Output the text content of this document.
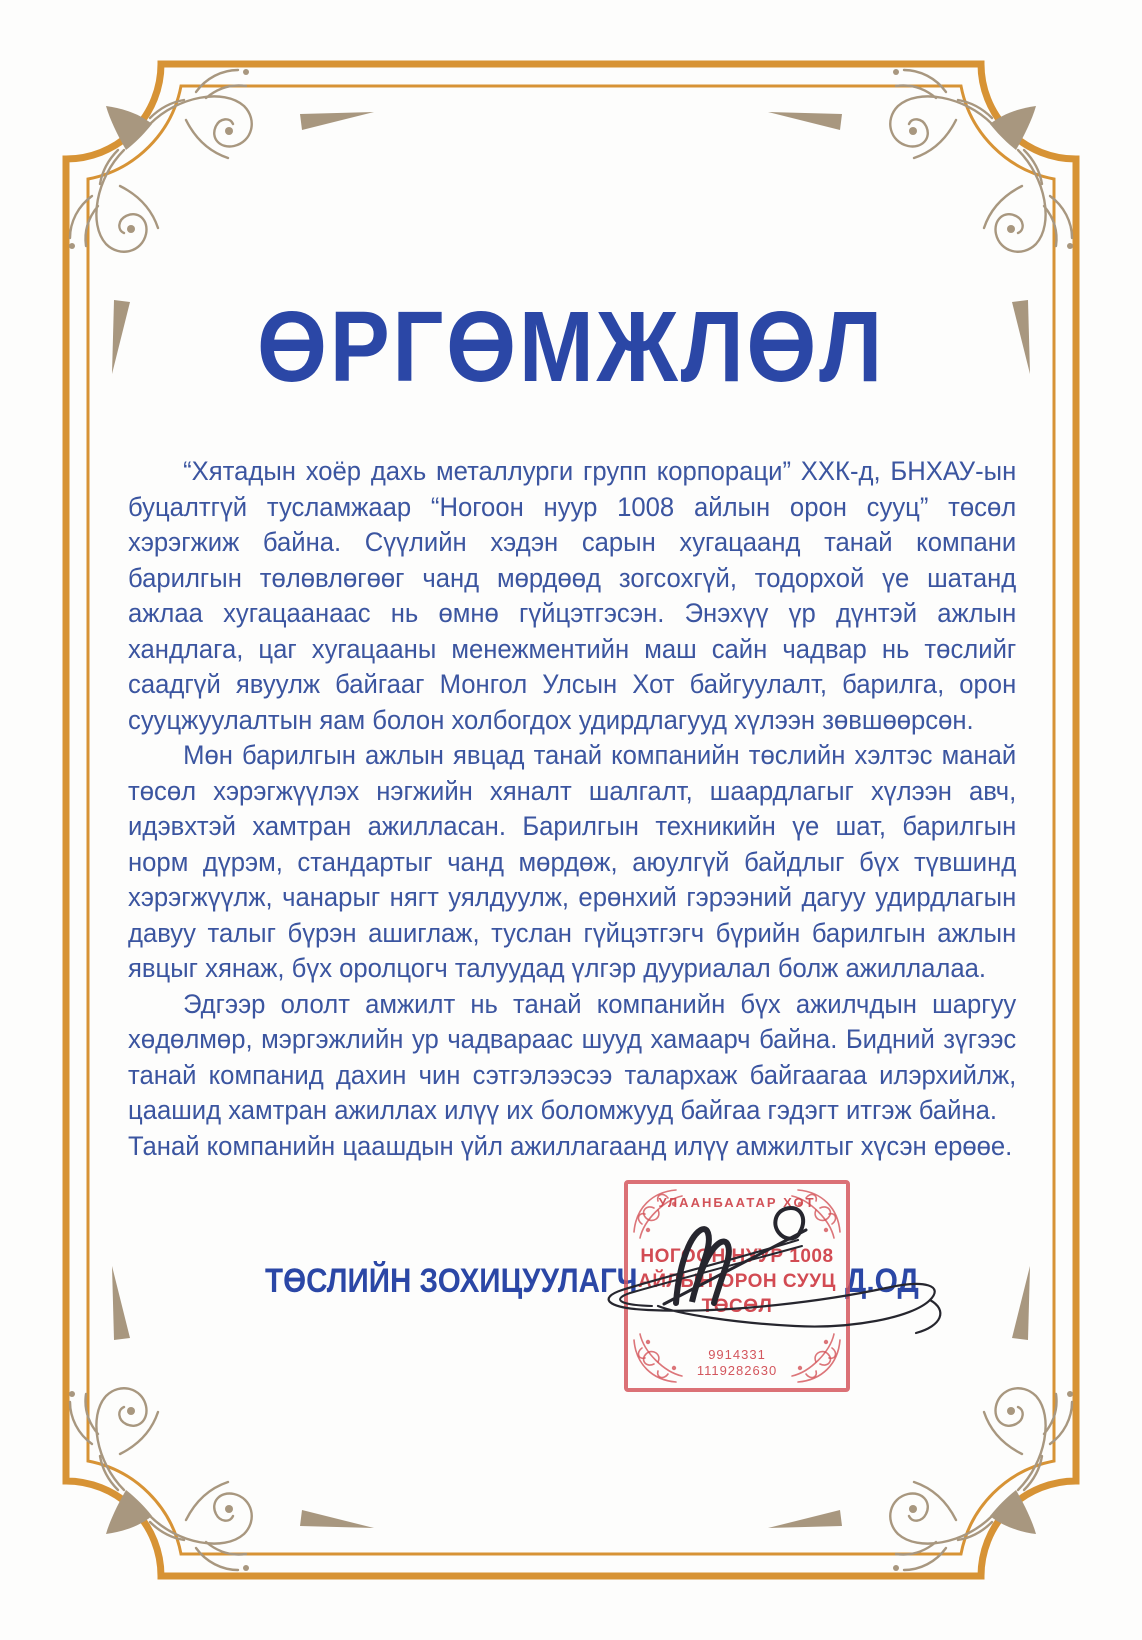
ӨРГӨМЖЛӨЛ

“Хятадын хоёр дахь металлурги групп корпораци” ХХК-д, БНХАУ-ын буцалтгүй тусламжаар “Ногоон нуур 1008 айлын орон сууц” төсөл хэрэгжиж байна. Сүүлийн хэдэн сарын хугацаанд танай компани барилгын төлөвлөгөөг чанд мөрдөөд зогсохгүй, тодорхой үе шатанд ажлаа хугацаанаас нь өмнө гүйцэтгэсэн. Энэхүү үр дүнтэй ажлын хандлага, цаг хугацааны менежментийн маш сайн чадвар нь төслийг саадгүй явуулж байгааг Монгол Улсын Хот байгуулалт, барилга, орон сууцжуулалтын яам болон холбогдох удирдлагууд хүлээн зөвшөөрсөн.

Мөн барилгын ажлын явцад танай компанийн төслийн хэлтэс манай төсөл хэрэгжүүлэх нэгжийн хяналт шалгалт, шаардлагыг хүлээн авч, идэвхтэй хамтран ажилласан. Барилгын техникийн үе шат, барилгын норм дүрэм, стандартыг чанд мөрдөж, аюулгүй байдлыг бүх түвшинд хэрэгжүүлж, чанарыг нягт уялдуулж, ерөнхий гэрээний дагуу удирдлагын давуу талыг бүрэн ашиглаж, туслан гүйцэтгэгч бүрийн барилгын ажлын явцыг хянаж, бүх оролцогч талуудад үлгэр дууриалал болж ажиллалаа.

Эдгээр ололт амжилт нь танай компанийн бүх ажилчдын шаргуу хөдөлмөр, мэргэжлийн ур чадвараас шууд хамаарч байна. Бидний зүгээс танай компанид дахин чин сэтгэлээсээ талархаж байгаагаа илэрхийлж, цаашид хамтран ажиллах илүү их боломжууд байгаа гэдэгт итгэж байна.

Танай компанийн цаашдын үйл ажиллагаанд илүү амжилтыг хүсэн ерөөе.

ТӨСЛИЙН ЗОХИЦУУЛАГЧ	Д.ОД
УЛААНБААТАР ХОТ
НОГООН НУУР 1008
АЙЛЫН ОРОН СУУЦ
ТӨСӨЛ
9914331
1119282630
